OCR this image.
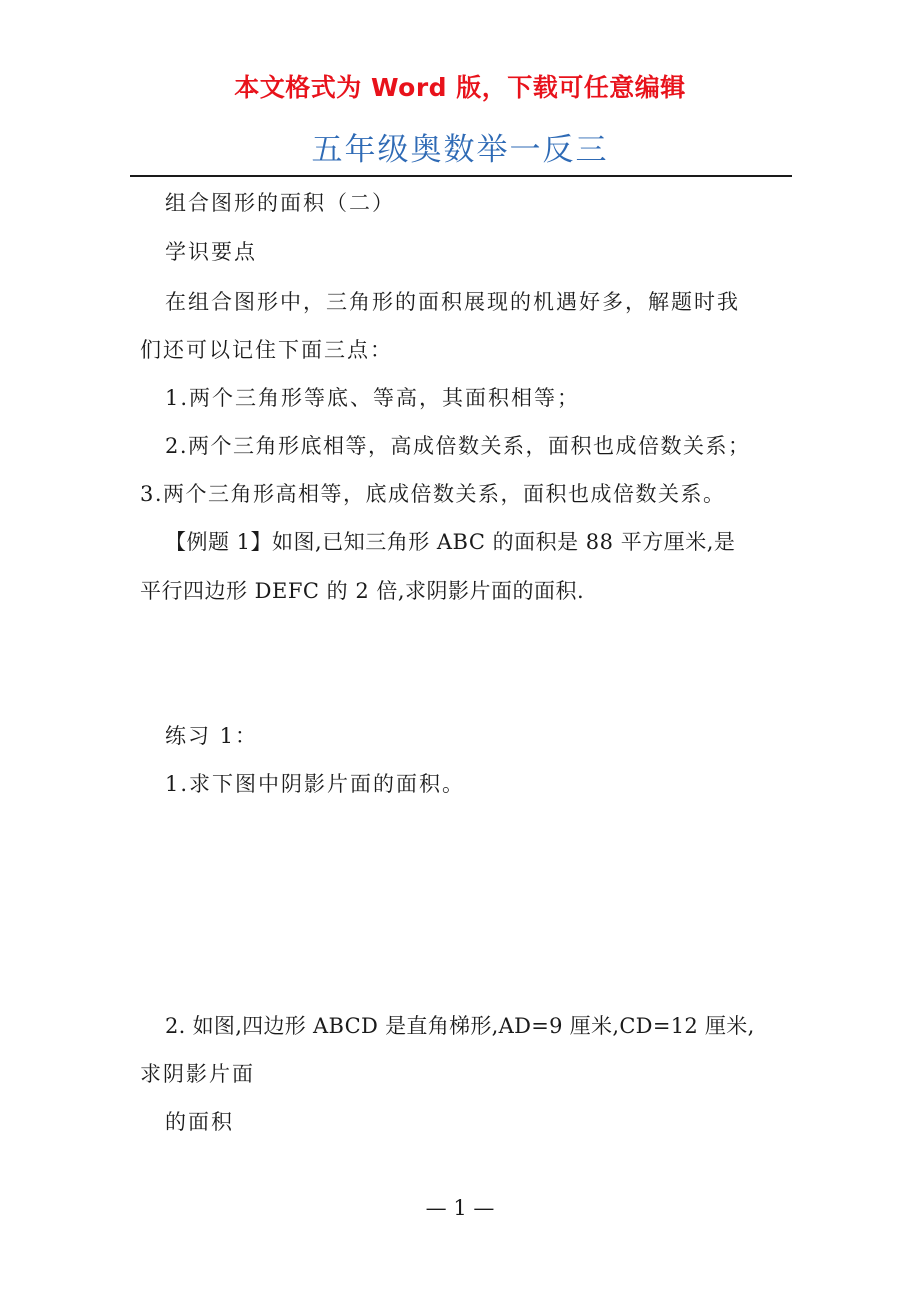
本文格式为 Word 版，下载可任意编辑
五年级奥数举一反三
组合图形的面积（二）
学识要点
在组合图形中，三角形的面积展现的机遇好多，解题时我
们还可以记住下面三点：
1.两个三角形等底、等高，其面积相等；
2.两个三角形底相等，高成倍数关系，面积也成倍数关系；
3.两个三角形高相等，底成倍数关系，面积也成倍数关系。
【例题 1】如图,已知三角形 ABC 的面积是 88 平方厘米,是
平行四边形 DEFC 的 2 倍,求阴影片面的面积.
练习 1：
1.求下图中阴影片面的面积。
2. 如图,四边形 ABCD 是直角梯形,AD=9 厘米,CD=12 厘米,
求阴影片面
的面积
— 1 —
